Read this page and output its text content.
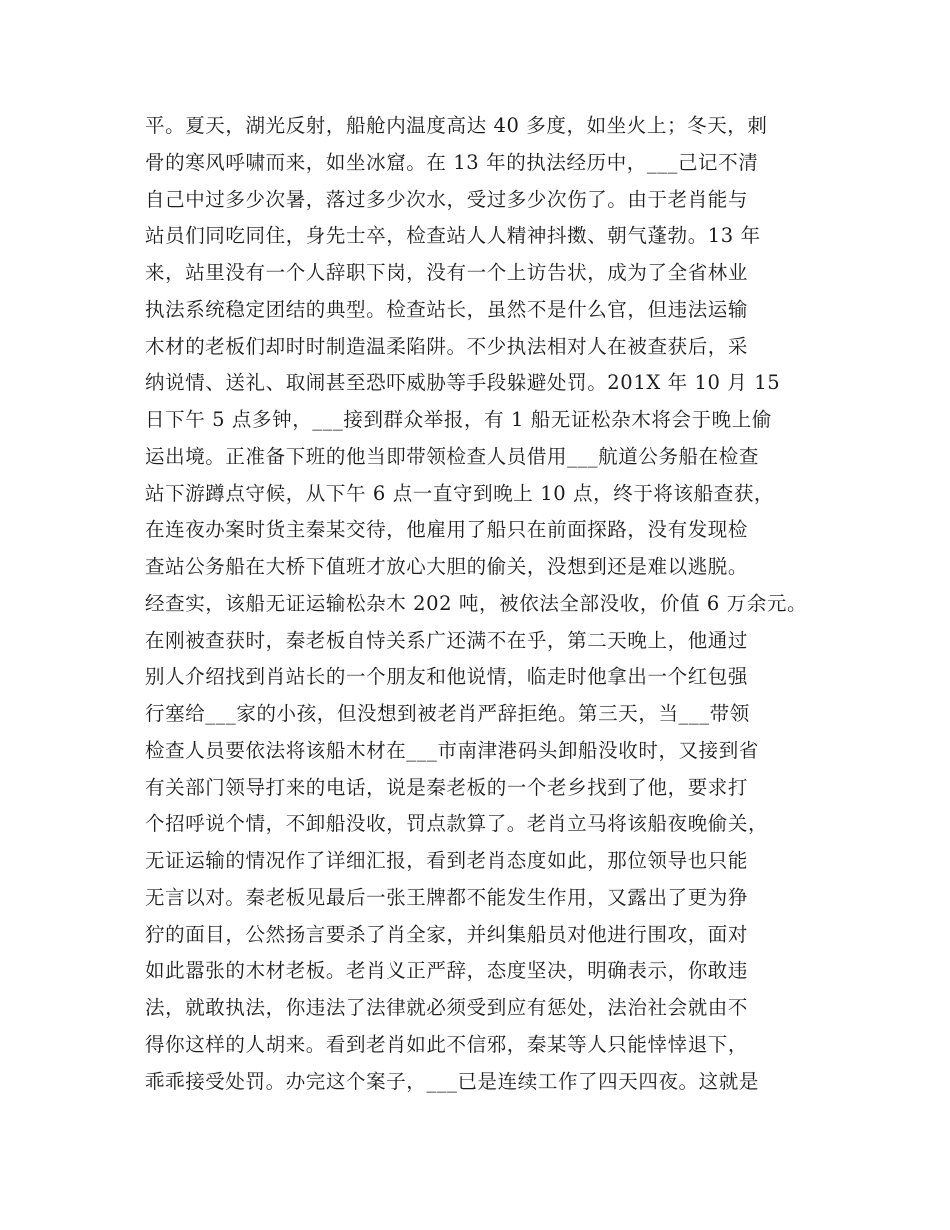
平。夏天，湖光反射，船舱内温度高达 40 多度，如坐火上；冬天，刺
骨的寒风呼啸而来，如坐冰窟。在 13 年的执法经历中，___己记不清
自己中过多少次暑，落过多少次水，受过多少次伤了。由于老肖能与
站员们同吃同住，身先士卒，检查站人人精神抖擞、朝气蓬勃。13 年
来，站里没有一个人辞职下岗，没有一个上访告状，成为了全省林业
执法系统稳定团结的典型。检查站长，虽然不是什么官，但违法运输
木材的老板们却时时制造温柔陷阱。不少执法相对人在被查获后，采
纳说情、送礼、取闹甚至恐吓威胁等手段躲避处罚。201X 年 10 月 15
日下午 5 点多钟，___接到群众举报，有 1 船无证松杂木将会于晚上偷
运出境。正准备下班的他当即带领检查人员借用___航道公务船在检查
站下游蹲点守候，从下午 6 点一直守到晚上 10 点，终于将该船查获，
在连夜办案时货主秦某交待，他雇用了船只在前面探路，没有发现检
查站公务船在大桥下值班才放心大胆的偷关，没想到还是难以逃脱。
经查实，该船无证运输松杂木 202 吨，被依法全部没收，价值 6 万余元。
在刚被查获时，秦老板自恃关系广还满不在乎，第二天晚上，他通过
别人介绍找到肖站长的一个朋友和他说情，临走时他拿出一个红包强
行塞给___家的小孩，但没想到被老肖严辞拒绝。第三天，当___带领
检查人员要依法将该船木材在___市南津港码头卸船没收时，又接到省
有关部门领导打来的电话，说是秦老板的一个老乡找到了他，要求打
个招呼说个情，不卸船没收，罚点款算了。老肖立马将该船夜晚偷关，
无证运输的情况作了详细汇报，看到老肖态度如此，那位领导也只能
无言以对。秦老板见最后一张王牌都不能发生作用，又露出了更为狰
狞的面目，公然扬言要杀了肖全家，并纠集船员对他进行围攻，面对
如此嚣张的木材老板。老肖义正严辞，态度坚决，明确表示，你敢违
法，就敢执法，你违法了法律就必须受到应有惩处，法治社会就由不
得你这样的人胡来。看到老肖如此不信邪，秦某等人只能悻悻退下，
乖乖接受处罚。办完这个案子，___已是连续工作了四天四夜。这就是
